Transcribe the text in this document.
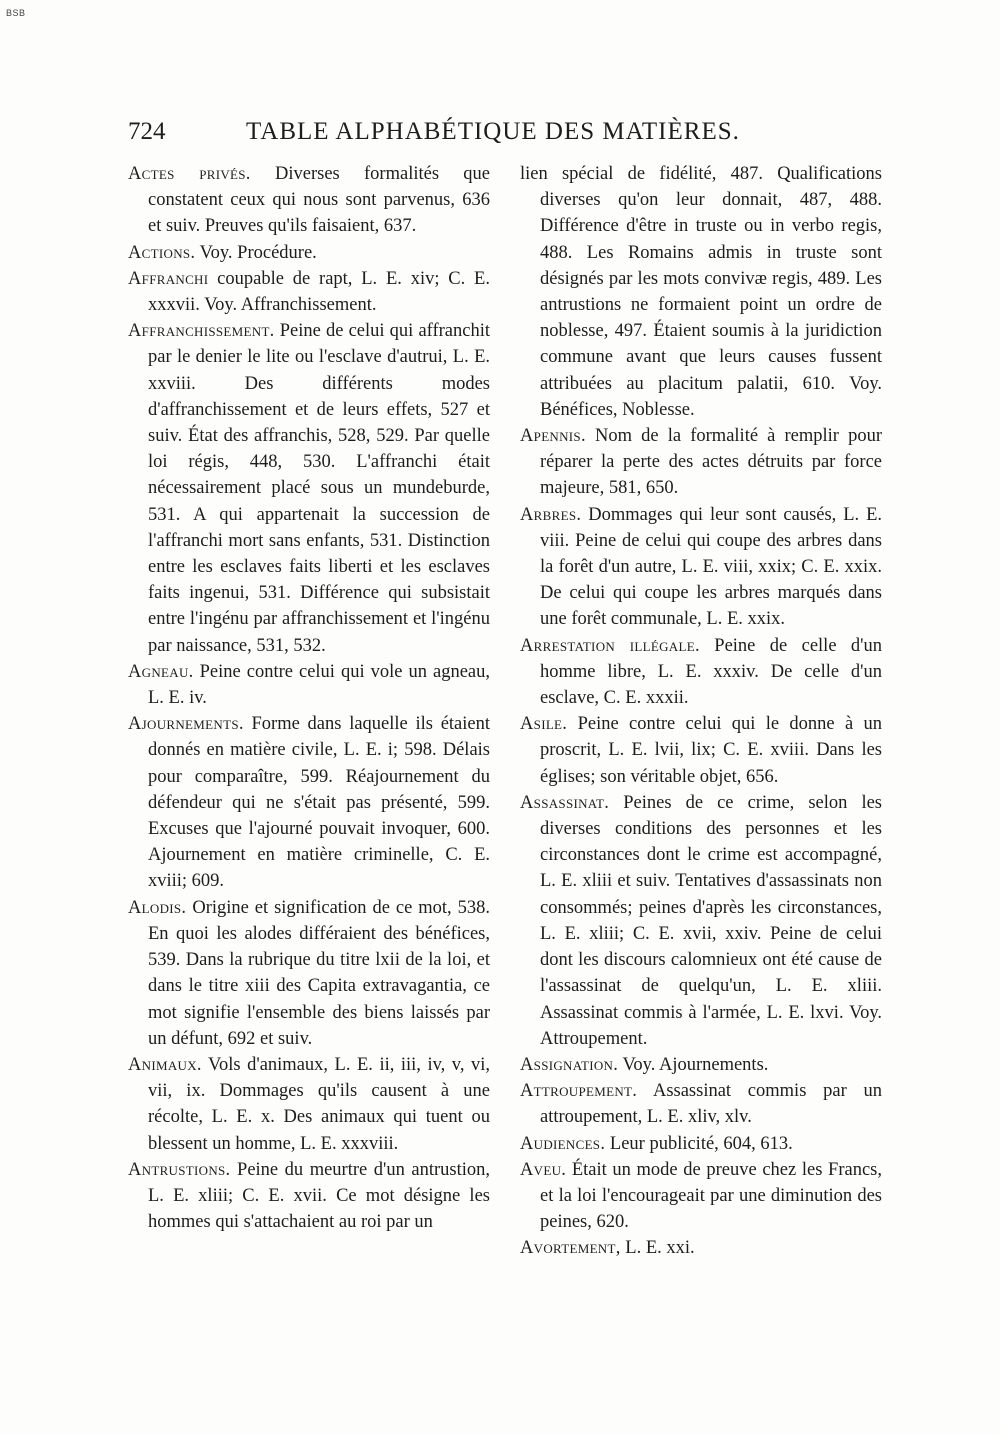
BSB
724	TABLE ALPHABÉTIQUE DES MATIÈRES.

Actes privés. Diverses formalités que constatent ceux qui nous sont parvenus, 636 et suiv. Preuves qu'ils faisaient, 637.

Actions. Voy. Procédure.

Affranchi coupable de rapt, L. E. xiv; C. E. xxxvii. Voy. Affranchissement.

Affranchissement. Peine de celui qui affranchit par le denier le lite ou l'esclave d'autrui, L. E. xxviii. Des différents modes d'affranchissement et de leurs effets, 527 et suiv. État des affranchis, 528, 529. Par quelle loi régis, 448, 530. L'affranchi était nécessairement placé sous un mundeburde, 531. A qui appartenait la succession de l'affranchi mort sans enfants, 531. Distinction entre les esclaves faits liberti et les esclaves faits ingenui, 531. Différence qui subsistait entre l'ingénu par affranchissement et l'ingénu par naissance, 531, 532.

Agneau. Peine contre celui qui vole un agneau, L. E. iv.

Ajournements. Forme dans laquelle ils étaient donnés en matière civile, L. E. i; 598. Délais pour comparaître, 599. Réajournement du défendeur qui ne s'était pas présenté, 599. Excuses que l'ajourné pouvait invoquer, 600. Ajournement en matière criminelle, C. E. xviii; 609.

Alodis. Origine et signification de ce mot, 538. En quoi les alodes différaient des bénéfices, 539. Dans la rubrique du titre lxii de la loi, et dans le titre xiii des Capita extravagantia, ce mot signifie l'ensemble des biens laissés par un défunt, 692 et suiv.

Animaux. Vols d'animaux, L. E. ii, iii, iv, v, vi, vii, ix. Dommages qu'ils causent à une récolte, L. E. x. Des animaux qui tuent ou blessent un homme, L. E. xxxviii.

Antrustions. Peine du meurtre d'un antrustion, L. E. xliii; C. E. xvii. Ce mot désigne les hommes qui s'attachaient au roi par un

lien spécial de fidélité, 487. Qualifications diverses qu'on leur donnait, 487, 488. Différence d'être in truste ou in verbo regis, 488. Les Romains admis in truste sont désignés par les mots convivæ regis, 489. Les antrustions ne formaient point un ordre de noblesse, 497. Étaient soumis à la juridiction commune avant que leurs causes fussent attribuées au placitum palatii, 610. Voy. Bénéfices, Noblesse.

Apennis. Nom de la formalité à remplir pour réparer la perte des actes détruits par force majeure, 581, 650.

Arbres. Dommages qui leur sont causés, L. E. viii. Peine de celui qui coupe des arbres dans la forêt d'un autre, L. E. viii, xxix; C. E. xxix. De celui qui coupe les arbres marqués dans une forêt communale, L. E. xxix.

Arrestation illégale. Peine de celle d'un homme libre, L. E. xxxiv. De celle d'un esclave, C. E. xxxii.

Asile. Peine contre celui qui le donne à un proscrit, L. E. lvii, lix; C. E. xviii. Dans les églises; son véritable objet, 656.

Assassinat. Peines de ce crime, selon les diverses conditions des personnes et les circonstances dont le crime est accompagné, L. E. xliii et suiv. Tentatives d'assassinats non consommés; peines d'après les circonstances, L. E. xliii; C. E. xvii, xxiv. Peine de celui dont les discours calomnieux ont été cause de l'assassinat de quelqu'un, L. E. xliii. Assassinat commis à l'armée, L. E. lxvi. Voy. Attroupement.

Assignation. Voy. Ajournements.

Attroupement. Assassinat commis par un attroupement, L. E. xliv, xlv.

Audiences. Leur publicité, 604, 613.

Aveu. Était un mode de preuve chez les Francs, et la loi l'encourageait par une diminution des peines, 620.

Avortement, L. E. xxi.
